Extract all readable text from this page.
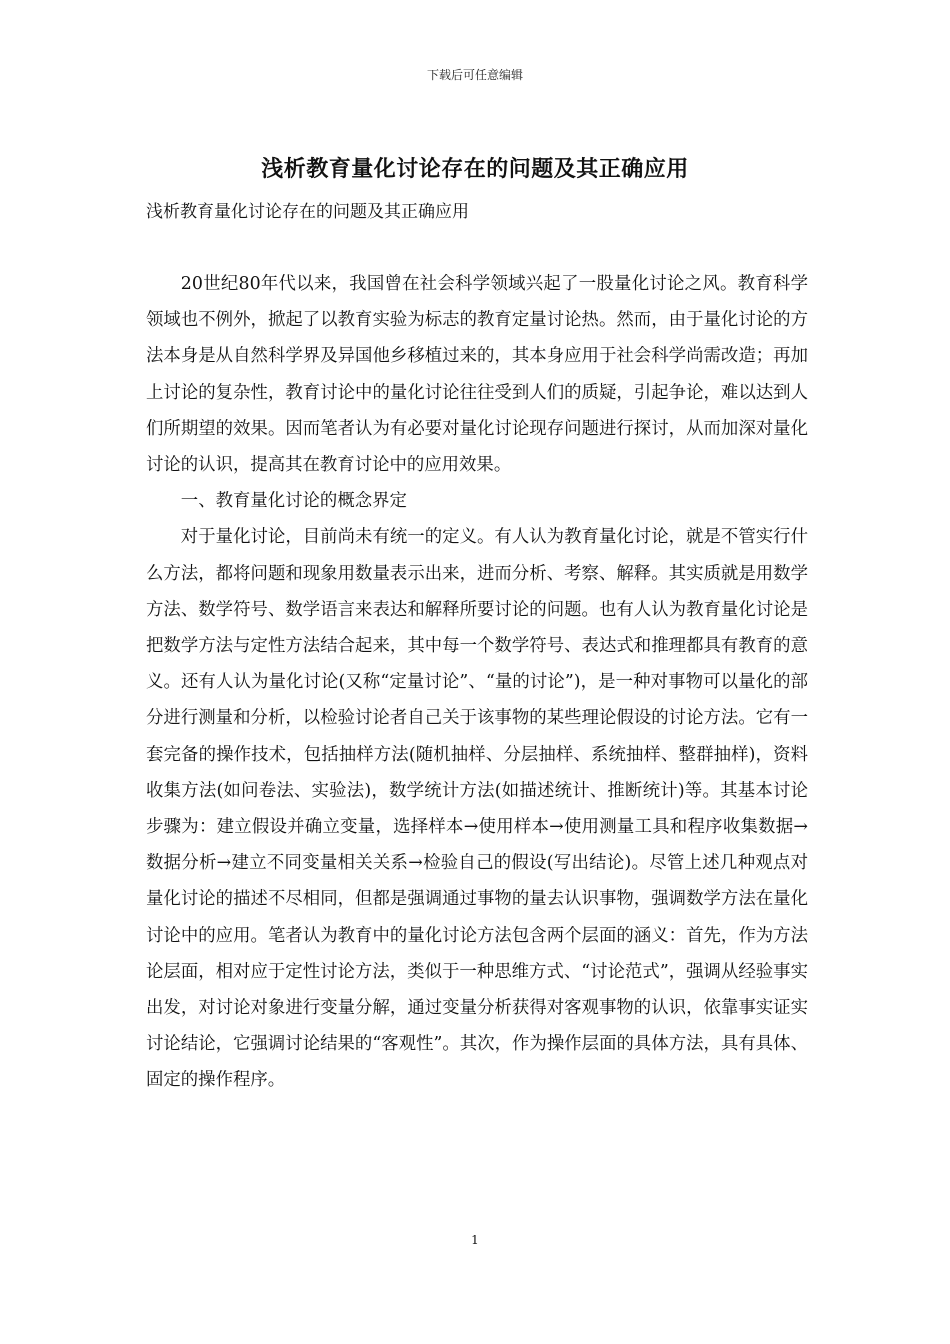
下载后可任意编辑
浅析教育量化讨论存在的问题及其正确应用
浅析教育量化讨论存在的问题及其正确应用

20世纪80年代以来，我国曾在社会科学领域兴起了一股量化讨论之风。教育科学领域也不例外，掀起了以教育实验为标志的教育定量讨论热。然而，由于量化讨论的方法本身是从自然科学界及异国他乡移植过来的，其本身应用于社会科学尚需改造；再加上讨论的复杂性，教育讨论中的量化讨论往往受到人们的质疑，引起争论，难以达到人们所期望的效果。因而笔者认为有必要对量化讨论现存问题进行探讨，从而加深对量化讨论的认识，提高其在教育讨论中的应用效果。

一、教育量化讨论的概念界定

对于量化讨论，目前尚未有统一的定义。有人认为教育量化讨论，就是不管实行什么方法，都将问题和现象用数量表示出来，进而分析、考察、解释。其实质就是用数学方法、数学符号、数学语言来表达和解释所要讨论的问题。也有人认为教育量化讨论是把数学方法与定性方法结合起来，其中每一个数学符号、表达式和推理都具有教育的意义。还有人认为量化讨论(又称“定量讨论”、“量的讨论”)，是一种对事物可以量化的部分进行测量和分析，以检验讨论者自己关于该事物的某些理论假设的讨论方法。它有一套完备的操作技术，包括抽样方法(随机抽样、分层抽样、系统抽样、整群抽样)，资料收集方法(如问卷法、实验法)，数学统计方法(如描述统计、推断统计)等。其基本讨论步骤为：建立假设并确立变量，选择样本→使用样本→使用测量工具和程序收集数据→数据分析→建立不同变量相关关系→检验自己的假设(写出结论)。尽管上述几种观点对量化讨论的描述不尽相同，但都是强调通过事物的量去认识事物，强调数学方法在量化讨论中的应用。笔者认为教育中的量化讨论方法包含两个层面的涵义：首先，作为方法论层面，相对应于定性讨论方法，类似于一种思维方式、“讨论范式”，强调从经验事实出发，对讨论对象进行变量分解，通过变量分析获得对客观事物的认识，依靠事实证实讨论结论，它强调讨论结果的“客观性”。其次，作为操作层面的具体方法，具有具体、固定的操作程序。

1
